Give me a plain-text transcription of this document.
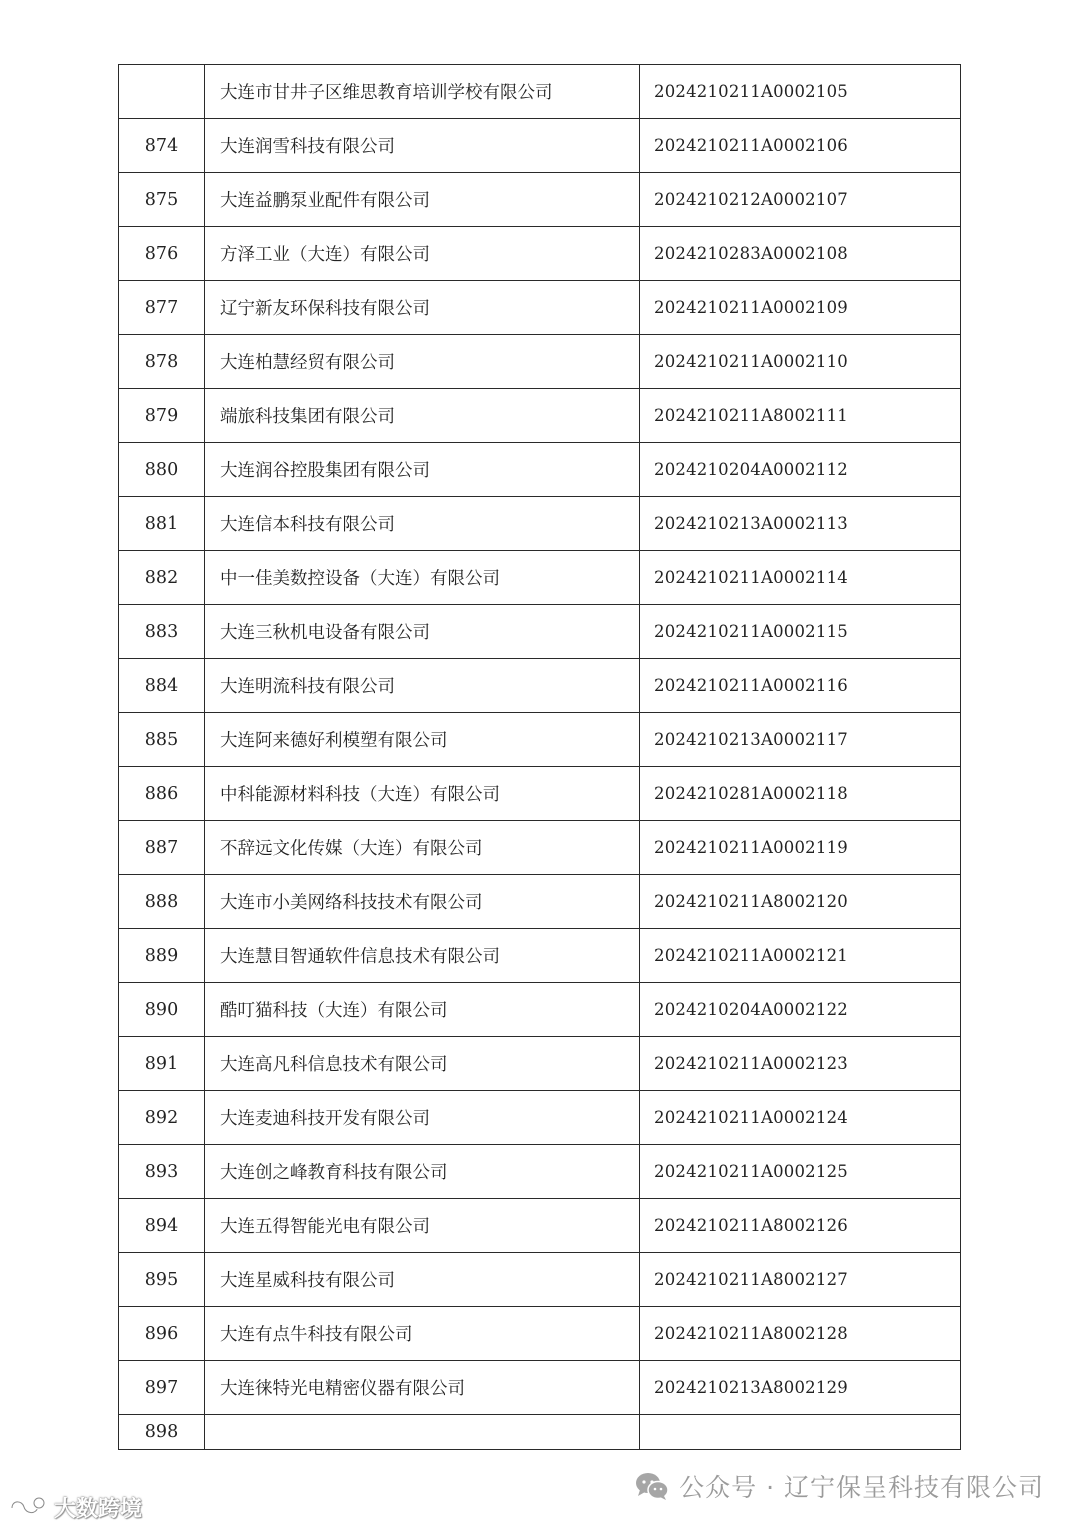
	大连市甘井子区维思教育培训学校有限公司	2024210211A0002105
874	大连润雪科技有限公司	2024210211A0002106
875	大连益鹏泵业配件有限公司	2024210212A0002107
876	方泽工业（大连）有限公司	2024210283A0002108
877	辽宁新友环保科技有限公司	2024210211A0002109
878	大连柏慧经贸有限公司	2024210211A0002110
879	端旅科技集团有限公司	2024210211A8002111
880	大连润谷控股集团有限公司	2024210204A0002112
881	大连信本科技有限公司	2024210213A0002113
882	中一佳美数控设备（大连）有限公司	2024210211A0002114
883	大连三秋机电设备有限公司	2024210211A0002115
884	大连明流科技有限公司	2024210211A0002116
885	大连阿来德好利模塑有限公司	2024210213A0002117
886	中科能源材料科技（大连）有限公司	2024210281A0002118
887	不辞远文化传媒（大连）有限公司	2024210211A0002119
888	大连市小美网络科技技术有限公司	2024210211A8002120
889	大连慧目智通软件信息技术有限公司	2024210211A0002121
890	酷叮猫科技（大连）有限公司	2024210204A0002122
891	大连高凡科信息技术有限公司	2024210211A0002123
892	大连麦迪科技开发有限公司	2024210211A0002124
893	大连创之峰教育科技有限公司	2024210211A0002125
894	大连五得智能光电有限公司	2024210211A8002126
895	大连星威科技有限公司	2024210211A8002127
896	大连有点牛科技有限公司	2024210211A8002128
897	大连徕特光电精密仪器有限公司	2024210213A8002129
898		
公众号 · 辽宁保呈科技有限公司
大数跨境
